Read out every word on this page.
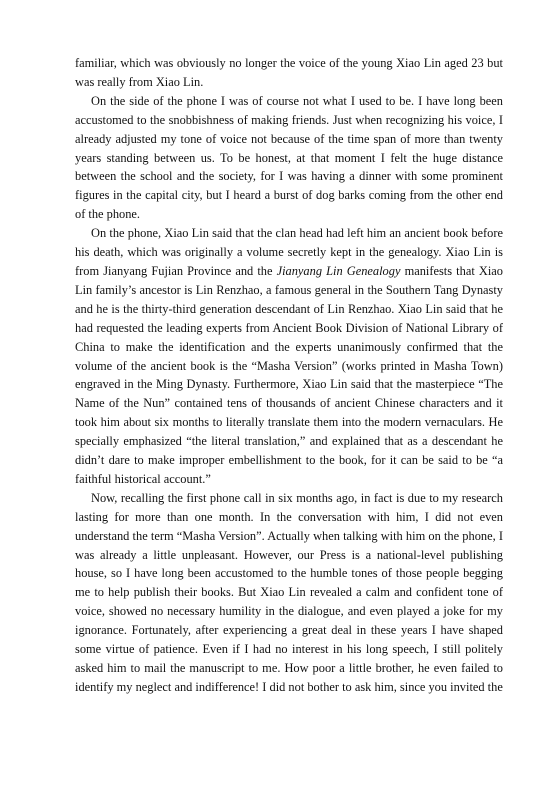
familiar, which was obviously no longer the voice of the young Xiao Lin aged 23 but was really from Xiao Lin.

On the side of the phone I was of course not what I used to be. I have long been accustomed to the snobbishness of making friends. Just when recognizing his voice, I already adjusted my tone of voice not because of the time span of more than twenty years standing between us. To be honest, at that moment I felt the huge distance between the school and the society, for I was having a dinner with some prominent figures in the capital city, but I heard a burst of dog barks coming from the other end of the phone.

On the phone, Xiao Lin said that the clan head had left him an ancient book before his death, which was originally a volume secretly kept in the genealogy. Xiao Lin is from Jianyang Fujian Province and the Jianyang Lin Genealogy manifests that Xiao Lin family’s ancestor is Lin Renzhao, a famous general in the Southern Tang Dynasty and he is the thirty-third generation descendant of Lin Renzhao. Xiao Lin said that he had requested the leading experts from Ancient Book Division of National Library of China to make the identification and the experts unanimously confirmed that the volume of the ancient book is the “Masha Version” (works printed in Masha Town) engraved in the Ming Dynasty. Furthermore, Xiao Lin said that the masterpiece “The Name of the Nun” contained tens of thousands of ancient Chinese characters and it took him about six months to literally translate them into the modern vernaculars. He specially emphasized “the literal translation,” and explained that as a descendant he didn’t dare to make improper embellishment to the book, for it can be said to be “a faithful historical account.”

Now, recalling the first phone call in six months ago, in fact is due to my research lasting for more than one month. In the conversation with him, I did not even understand the term “Masha Version”. Actually when talking with him on the phone, I was already a little unpleasant. However, our Press is a national-level publishing house, so I have long been accustomed to the humble tones of those people begging me to help publish their books. But Xiao Lin revealed a calm and confident tone of voice, showed no necessary humility in the dialogue, and even played a joke for my ignorance. Fortunately, after experiencing a great deal in these years I have shaped some virtue of patience. Even if I had no interest in his long speech, I still politely asked him to mail the manuscript to me. How poor a little brother, he even failed to identify my neglect and indifference! I did not bother to ask him, since you invited the
